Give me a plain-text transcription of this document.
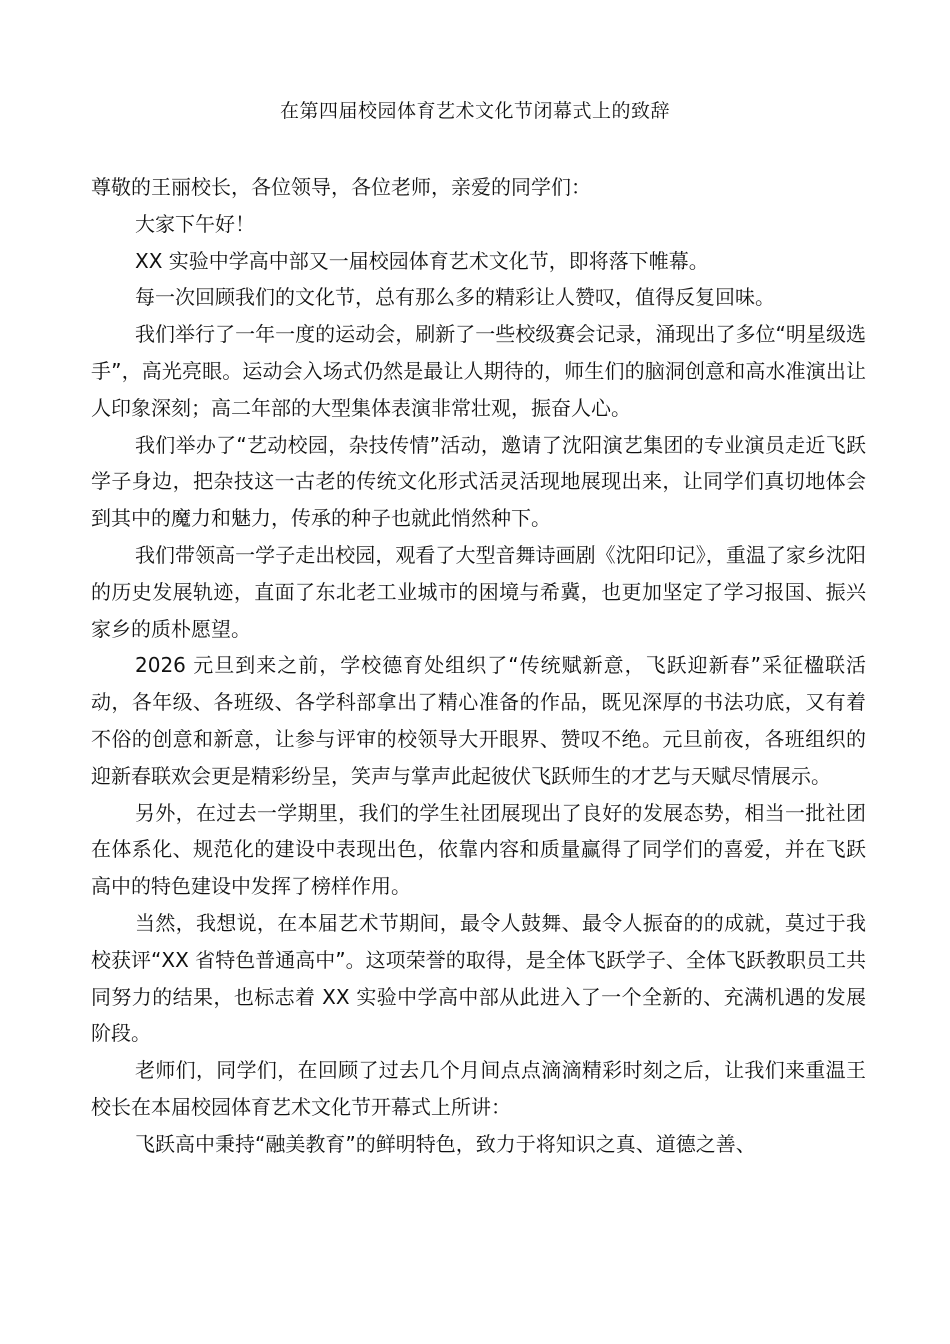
在第四届校园体育艺术文化节闭幕式上的致辞

尊敬的王丽校长，各位领导，各位老师，亲爱的同学们：

大家下午好！

XX 实验中学高中部又一届校园体育艺术文化节，即将落下帷幕。

每一次回顾我们的文化节，总有那么多的精彩让人赞叹，值得反复回味。

我们举行了一年一度的运动会，刷新了一些校级赛会记录，涌现出了多位“明星级选手”，高光亮眼。运动会入场式仍然是最让人期待的，师生们的脑洞创意和高水准演出让人印象深刻；高二年部的大型集体表演非常壮观，振奋人心。

我们举办了“艺动校园，杂技传情”活动，邀请了沈阳演艺集团的专业演员走近飞跃学子身边，把杂技这一古老的传统文化形式活灵活现地展现出来，让同学们真切地体会到其中的魔力和魅力，传承的种子也就此悄然种下。

我们带领高一学子走出校园，观看了大型音舞诗画剧《沈阳印记》，重温了家乡沈阳的历史发展轨迹，直面了东北老工业城市的困境与希冀，也更加坚定了学习报国、振兴家乡的质朴愿望。

2026 元旦到来之前，学校德育处组织了“传统赋新意，飞跃迎新春”采征楹联活动，各年级、各班级、各学科部拿出了精心准备的作品，既见深厚的书法功底，又有着不俗的创意和新意，让参与评审的校领导大开眼界、赞叹不绝。元旦前夜，各班组织的迎新春联欢会更是精彩纷呈，笑声与掌声此起彼伏飞跃师生的才艺与天赋尽情展示。

另外，在过去一学期里，我们的学生社团展现出了良好的发展态势，相当一批社团在体系化、规范化的建设中表现出色，依靠内容和质量赢得了同学们的喜爱，并在飞跃高中的特色建设中发挥了榜样作用。

当然，我想说，在本届艺术节期间，最令人鼓舞、最令人振奋的的成就，莫过于我校获评“XX 省特色普通高中”。这项荣誉的取得，是全体飞跃学子、全体飞跃教职员工共同努力的结果，也标志着 XX 实验中学高中部从此进入了一个全新的、充满机遇的发展阶段。

老师们，同学们，在回顾了过去几个月间点点滴滴精彩时刻之后，让我们来重温王校长在本届校园体育艺术文化节开幕式上所讲：

飞跃高中秉持“融美教育”的鲜明特色，致力于将知识之真、道德之善、
